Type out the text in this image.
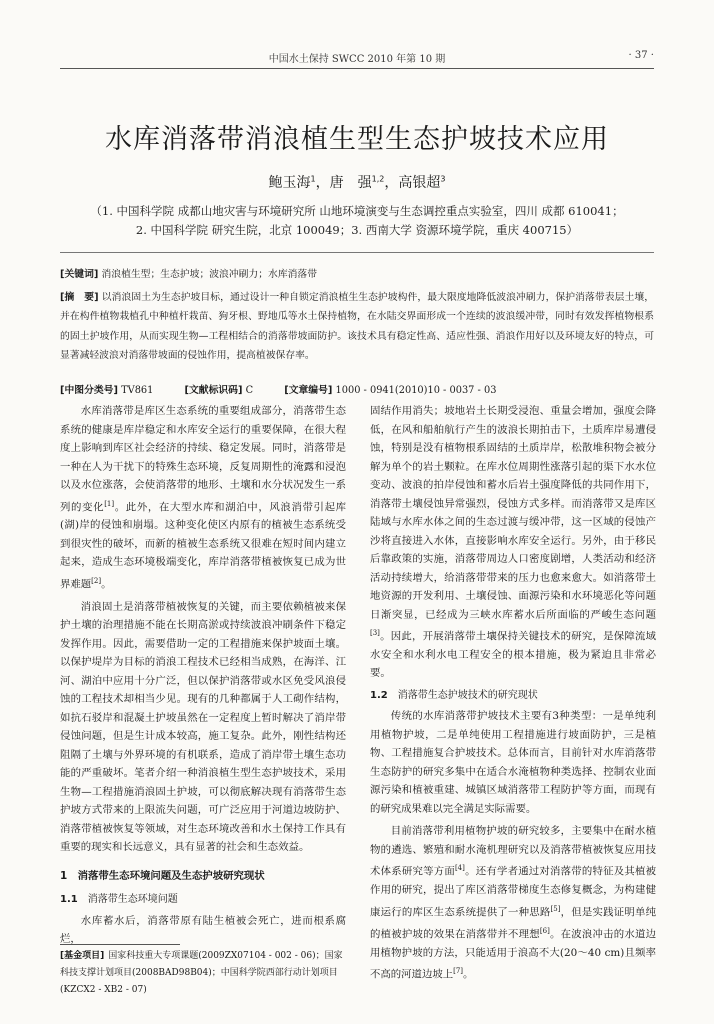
中国水土保持 SWCC 2010 年第 10 期	· 37 ·
水库消落带消浪植生型生态护坡技术应用
鲍玉海$^1$，唐　强$^{1,2}$，高银超$^3$
（1. 中国科学院 成都山地灾害与环境研究所 山地环境演变与生态调控重点实验室，四川 成都 610041；
2. 中国科学院 研究生院，北京 100049；3. 西南大学 资源环境学院，重庆 400715）
[关键词] 消浪植生型；生态护坡；波浪冲刷力；水库消落带
[摘　要] 以消浪固土为生态护坡目标，通过设计一种自锁定消浪植生生态护坡构件，最大限度地降低波浪冲刷力，保护消落带表层土壤，并在构件植物栽植孔中种植杆栽苗、狗牙根、野地瓜等水土保持植物，在水陆交界面形成一个连续的波浪缓冲带，同时有效发挥植物根系的固土护坡作用，从而实现生物—工程相结合的消落带坡面防护。该技术具有稳定性高、适应性强、消浪作用好以及环境友好的特点，可显著减轻波浪对消落带坡面的侵蚀作用，提高植被保存率。
[中图分类号] TV861	[文献标识码] C	[文章编号] 1000 - 0941(2010)10 - 0037 - 03

水库消落带是库区生态系统的重要组成部分，消落带生态系统的健康是库岸稳定和水库安全运行的重要保障，在很大程度上影响到库区社会经济的持续、稳定发展。同时，消落带是一种在人为干扰下的特殊生态环境，反复周期性的淹露和浸泡以及水位涨落，会使消落带的地形、土壤和水分状况发生一系列的变化[1]。此外，在大型水库和湖泊中，风浪消带引起库(湖)岸的侵蚀和崩塌。这种变化使区内原有的植被生态系统受到很灾性的破坏，而新的植被生态系统又很难在短时间内建立起来，造成生态环境极端变化，库岸消落带植被恢复已成为世界难题[2]。

消浪固土是消落带植被恢复的关键，而主要依赖植被来保护土壤的治理措施不能在长期高淤或持续波浪冲刷条件下稳定发挥作用。因此，需要借助一定的工程措施来保护坡面土壤。以保护堤岸为目标的消浪工程技术已经相当成熟，在海洋、江河、湖泊中应用十分广泛，但以保护消落带或水区免受风浪侵蚀的工程技术却相当少见。现有的几种都属于人工砌作结构，如抗石驳岸和混凝土护坡虽然在一定程度上暂时解决了消岸带侵蚀问题，但是生计成本较高，施工复杂。此外，刚性结构还阻隔了土壤与外界环境的有机联系，造成了消岸带土壤生态功能的严重破坏。笔者介绍一种消浪植生型生态护坡技术，采用生物—工程措施消浪固土护坡，可以彻底解决现有消落带生态护坡方式带来的上限流失问题，可广泛应用于河道边坡防护、消落带植被恢复等领域，对生态环境改善和水土保持工作具有重要的现实和长远意义，具有显著的社会和生态效益。

1　消落带生态环境问题及生态护坡研究现状
1.1 消落带生态环境问题

水库蓄水后，消落带原有陆生植被会死亡，进而根系腐烂，

固结作用消失；坡地岩土长期受浸泡、重量会增加，强度会降低，在风和船舶航行产生的波浪长期拍击下，土质库岸易遭侵蚀，特别是没有植物根系固结的土质岸岸，松散堆积物会被分解为单个的岩土颗粒。在库水位周期性涨落引起的渠下水水位变动、波浪的拍岸侵蚀和蓄水后岩土强度降低的共同作用下，消落带土壤侵蚀异常强烈，侵蚀方式多样。而消落带又是库区陆域与水库水体之间的生态过渡与缓冲带，这一区域的侵蚀产沙将直接进入水体，直接影响水库安全运行。另外，由于移民后靠政策的实施，消落带周边人口密度剧增，人类活动和经济活动持续增大，给消落带带来的压力也愈来愈大。如消落带土地资源的开发利用、土壤侵蚀、面源污染和水环境恶化等问题日渐突显，已经成为三峡水库蓄水后所面临的严峻生态问题[3]。因此，开展消落带土壤保持关键技术的研究，是保障流域水安全和水利水电工程安全的根本措施，极为紧迫且非常必要。

1.2 消落带生态护坡技术的研究现状

传统的水库消落带护坡技术主要有3种类型：一是单纯利用植物护坡，二是单纯使用工程措施进行坡面防护，三是植物、工程措施复合护坡技术。总体而言，目前针对水库消落带生态防护的研究多集中在适合水淹植物种类选择、控制农业面源污染和植被重建、城镇区域消落带工程防护等方面，而现有的研究成果难以完全满足实际需要。

目前消落带利用植物护坡的研究较多，主要集中在耐水植物的遴选、繁殖和耐水淹机理研究以及消落带植被恢复应用技术体系研究等方面[4]。还有学者通过对消落带的特征及其植被作用的研究，提出了库区消落带梯度生态修复概念，为构建健康运行的库区生态系统提供了一种思路[5]，但是实践证明单纯的植被护坡的效果在消落带并不理想[6]。在波浪冲击的水道边用植物护坡的方法，只能适用于浪高不大(20～40 cm)且频率不高的河道边坡上[7]。

[基金项目] 国家科技重大专项课题(2009ZX07104 - 002 - 06)；国家科技支撑计划项目(2008BAD98B04)；中国科学院西部行动计划项目(KZCX2 - XB2 - 07)
